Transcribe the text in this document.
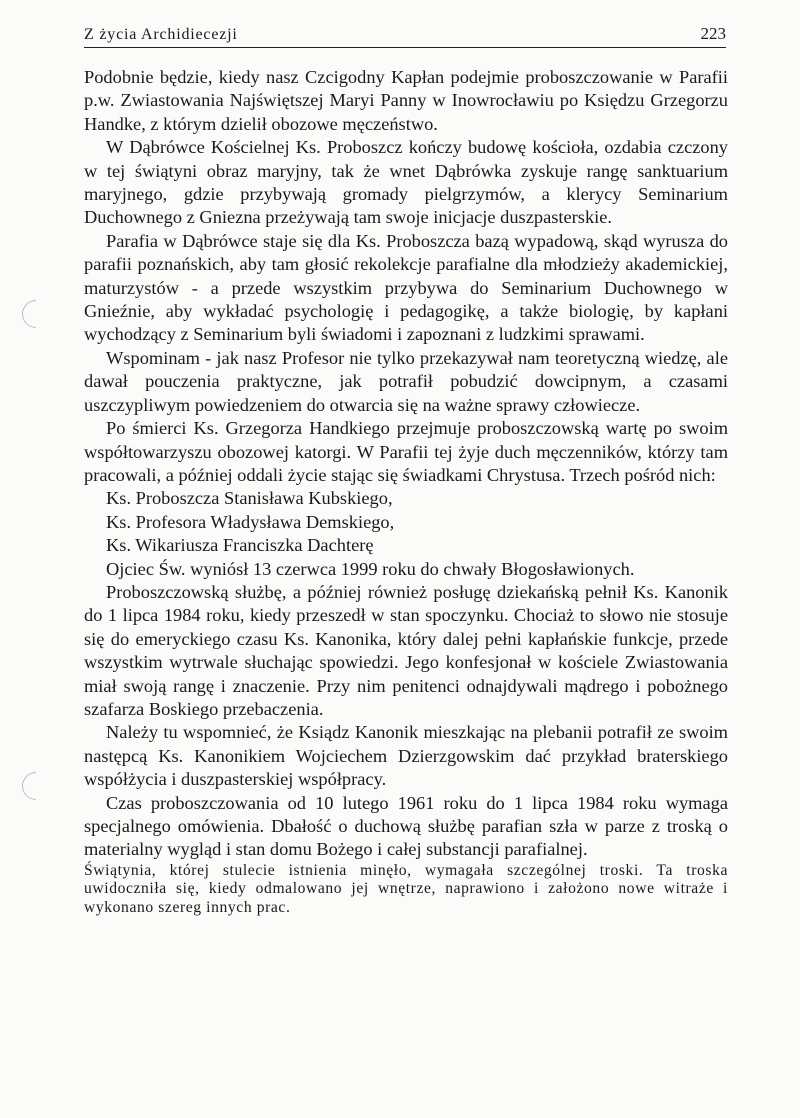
Z życia Archidiecezji	223

Podobnie będzie, kiedy nasz Czcigodny Kapłan podejmie proboszczowanie w Parafii p.w. Zwiastowania Najświętszej Maryi Panny w Inowrocławiu po Księdzu Grzegorzu Handke, z którym dzielił obozowe męczeństwo.

W Dąbrówce Kościelnej Ks. Proboszcz kończy budowę kościoła, ozdabia czczony w tej świątyni obraz maryjny, tak że wnet Dąbrówka zyskuje rangę sanktuarium maryjnego, gdzie przybywają gromady pielgrzymów, a klerycy Seminarium Duchownego z Gniezna przeżywają tam swoje inicjacje duszpasterskie.

Parafia w Dąbrówce staje się dla Ks. Proboszcza bazą wypadową, skąd wyrusza do parafii poznańskich, aby tam głosić rekolekcje parafialne dla młodzieży akademickiej, maturzystów - a przede wszystkim przybywa do Seminarium Duchownego w Gnieźnie, aby wykładać psychologię i pedagogikę, a także biologię, by kapłani wychodzący z Seminarium byli świadomi i zapoznani z ludzkimi sprawami.

Wspominam - jak nasz Profesor nie tylko przekazywał nam teoretyczną wiedzę, ale dawał pouczenia praktyczne, jak potrafił pobudzić dowcipnym, a czasami uszczypliwym powiedzeniem do otwarcia się na ważne sprawy człowiecze.

Po śmierci Ks. Grzegorza Handkiego przejmuje proboszczowską wartę po swoim współtowarzyszu obozowej katorgi. W Parafii tej żyje duch męczenników, którzy tam pracowali, a później oddali życie stając się świadkami Chrystusa. Trzech pośród nich:

Ks. Proboszcza Stanisława Kubskiego,

Ks. Profesora Władysława Demskiego,

Ks. Wikariusza Franciszka Dachterę

Ojciec Św. wyniósł 13 czerwca 1999 roku do chwały Błogosławionych.

Proboszczowską służbę, a później również posługę dziekańską pełnił Ks. Kanonik do 1 lipca 1984 roku, kiedy przeszedł w stan spoczynku. Chociaż to słowo nie stosuje się do emeryckiego czasu Ks. Kanonika, który dalej pełni kapłańskie funkcje, przede wszystkim wytrwale słuchając spowiedzi. Jego konfesjonał w kościele Zwiastowania miał swoją rangę i znaczenie. Przy nim penitenci odnajdywali mądrego i pobożnego szafarza Boskiego przebaczenia.

Należy tu wspomnieć, że Ksiądz Kanonik mieszkając na plebanii potrafił ze swoim następcą Ks. Kanonikiem Wojciechem Dzierzgowskim dać przykład braterskiego współżycia i duszpasterskiej współpracy.

Czas proboszczowania od 10 lutego 1961 roku do 1 lipca 1984 roku wymaga specjalnego omówienia. Dbałość o duchową służbę parafian szła w parze z troską o materialny wygląd i stan domu Bożego i całej substancji parafialnej.

Świątynia, której stulecie istnienia minęło, wymagała szczególnej troski. Ta troska uwidoczniła się, kiedy odmalowano jej wnętrze, naprawiono i założono nowe witraże i wykonano szereg innych prac.
